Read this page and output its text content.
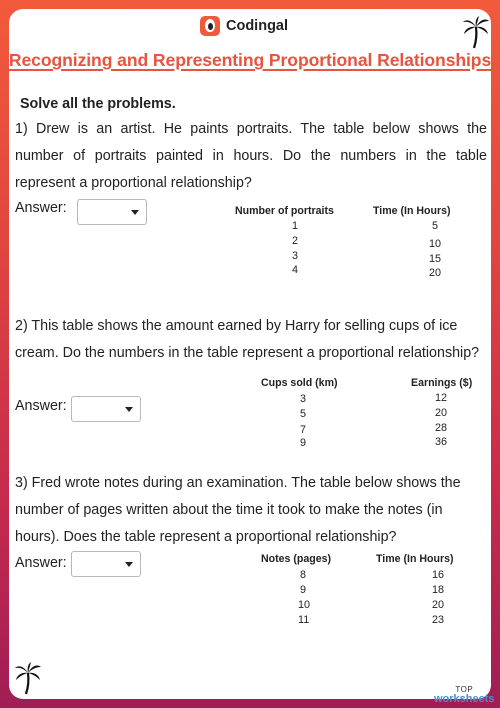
Codingal
Recognizing and Representing Proportional Relationships
Solve all the problems.
1) Drew is an artist. He paints portraits. The table below shows the number of portraits painted in hours. Do the numbers in the table represent a proportional relationship?
Answer:	Number of portraits	Time (In Hours)
1	5
2	10
3	15
4	20
2) This table shows the amount earned by Harry for selling cups of ice cream. Do the numbers in the table represent a proportional relationship?
Answer:
Cups sold (km)	Earnings ($)
3	12
5	20
7	28
9	36
3) Fred wrote notes during an examination. The table below shows the number of pages written about the time it took to make the notes (in hours). Does the table represent a proportional relationship?
Answer:	Notes (pages)	Time (In Hours)
8	16
9	18
10	20
11	23
TOP
worksheets
